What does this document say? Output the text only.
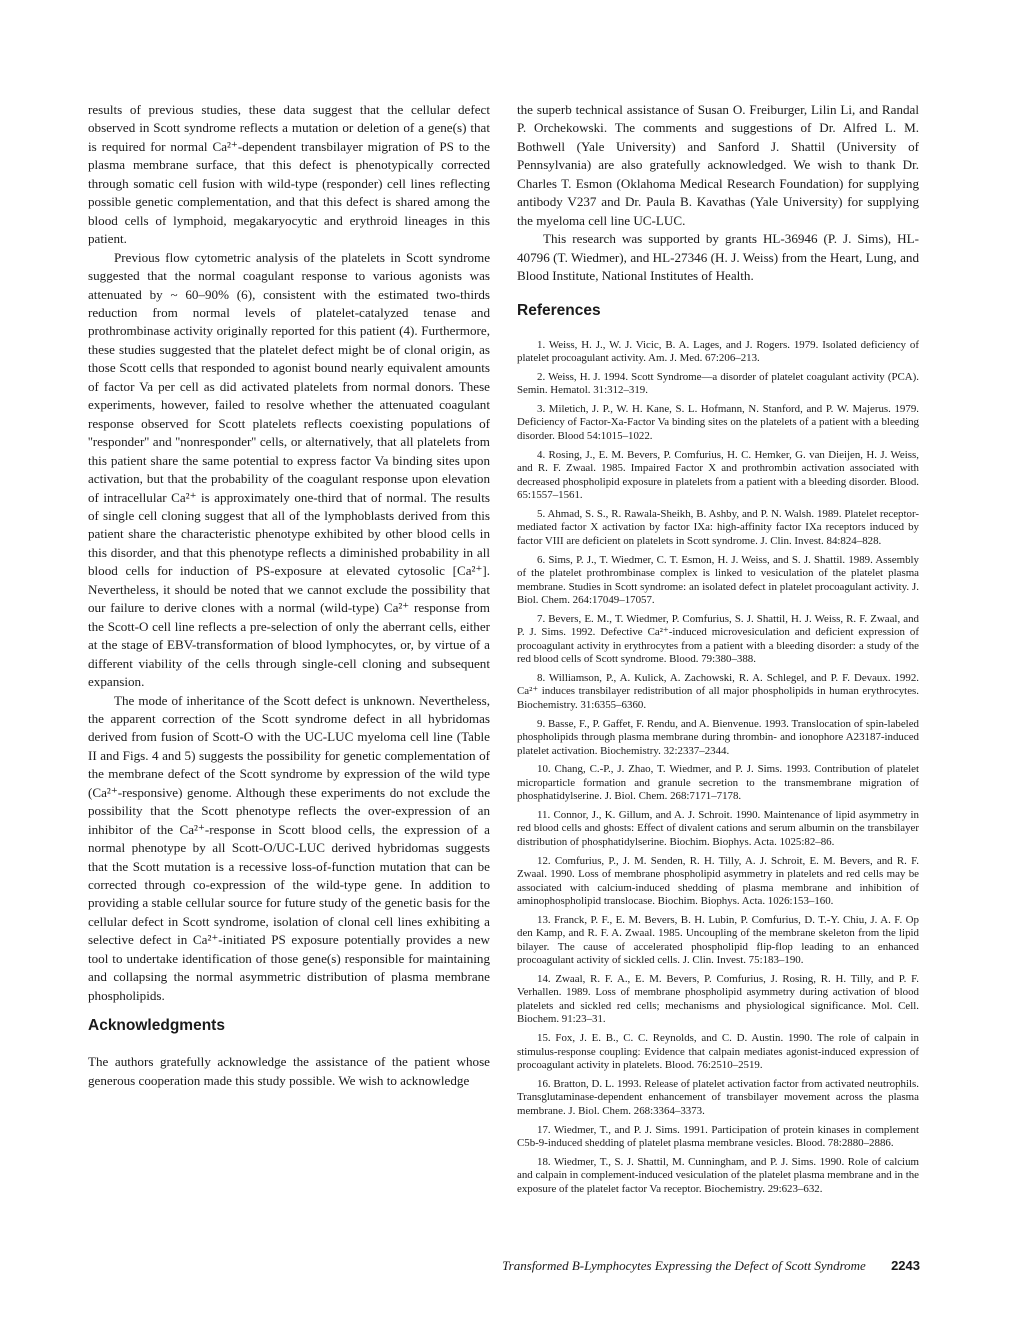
results of previous studies, these data suggest that the cellular defect observed in Scott syndrome reflects a mutation or deletion of a gene(s) that is required for normal Ca²⁺-dependent transbilayer migration of PS to the plasma membrane surface, that this defect is phenotypically corrected through somatic cell fusion with wild-type (responder) cell lines reflecting possible genetic complementation, and that this defect is shared among the blood cells of lymphoid, megakaryocytic and erythroid lineages in this patient.

Previous flow cytometric analysis of the platelets in Scott syndrome suggested that the normal coagulant response to various agonists was attenuated by ~ 60–90% (6), consistent with the estimated two-thirds reduction from normal levels of platelet-catalyzed tenase and prothrombinase activity originally reported for this patient (4). Furthermore, these studies suggested that the platelet defect might be of clonal origin, as those Scott cells that responded to agonist bound nearly equivalent amounts of factor Va per cell as did activated platelets from normal donors. These experiments, however, failed to resolve whether the attenuated coagulant response observed for Scott platelets reflects coexisting populations of ''responder'' and ''nonresponder'' cells, or alternatively, that all platelets from this patient share the same potential to express factor Va binding sites upon activation, but that the probability of the coagulant response upon elevation of intracellular Ca²⁺ is approximately one-third that of normal. The results of single cell cloning suggest that all of the lymphoblasts derived from this patient share the characteristic phenotype exhibited by other blood cells in this disorder, and that this phenotype reflects a diminished probability in all blood cells for induction of PS-exposure at elevated cytosolic [Ca²⁺]. Nevertheless, it should be noted that we cannot exclude the possibility that our failure to derive clones with a normal (wild-type) Ca²⁺ response from the Scott-O cell line reflects a pre-selection of only the aberrant cells, either at the stage of EBV-transformation of blood lymphocytes, or, by virtue of a different viability of the cells through single-cell cloning and subsequent expansion.

The mode of inheritance of the Scott defect is unknown. Nevertheless, the apparent correction of the Scott syndrome defect in all hybridomas derived from fusion of Scott-O with the UC-LUC myeloma cell line (Table II and Figs. 4 and 5) suggests the possibility for genetic complementation of the membrane defect of the Scott syndrome by expression of the wild type (Ca²⁺-responsive) genome. Although these experiments do not exclude the possibility that the Scott phenotype reflects the over-expression of an inhibitor of the Ca²⁺-response in Scott blood cells, the expression of a normal phenotype by all Scott-O/UC-LUC derived hybridomas suggests that the Scott mutation is a recessive loss-of-function mutation that can be corrected through co-expression of the wild-type gene. In addition to providing a stable cellular source for future study of the genetic basis for the cellular defect in Scott syndrome, isolation of clonal cell lines exhibiting a selective defect in Ca²⁺-initiated PS exposure potentially provides a new tool to undertake identification of those gene(s) responsible for maintaining and collapsing the normal asymmetric distribution of plasma membrane phospholipids.

Acknowledgments

The authors gratefully acknowledge the assistance of the patient whose generous cooperation made this study possible. We wish to acknowledge

the superb technical assistance of Susan O. Freiburger, Lilin Li, and Randal P. Orchekowski. The comments and suggestions of Dr. Alfred L. M. Bothwell (Yale University) and Sanford J. Shattil (University of Pennsylvania) are also gratefully acknowledged. We wish to thank Dr. Charles T. Esmon (Oklahoma Medical Research Foundation) for supplying antibody V237 and Dr. Paula B. Kavathas (Yale University) for supplying the myeloma cell line UC-LUC.

This research was supported by grants HL-36946 (P. J. Sims), HL-40796 (T. Wiedmer), and HL-27346 (H. J. Weiss) from the Heart, Lung, and Blood Institute, National Institutes of Health.

References
1. Weiss, H. J., W. J. Vicic, B. A. Lages, and J. Rogers. 1979. Isolated deficiency of platelet procoagulant activity. Am. J. Med. 67:206–213.
2. Weiss, H. J. 1994. Scott Syndrome—a disorder of platelet coagulant activity (PCA). Semin. Hematol. 31:312–319.
3. Miletich, J. P., W. H. Kane, S. L. Hofmann, N. Stanford, and P. W. Majerus. 1979. Deficiency of Factor-Xa-Factor Va binding sites on the platelets of a patient with a bleeding disorder. Blood 54:1015–1022.
4. Rosing, J., E. M. Bevers, P. Comfurius, H. C. Hemker, G. van Dieijen, H. J. Weiss, and R. F. Zwaal. 1985. Impaired Factor X and prothrombin activation associated with decreased phospholipid exposure in platelets from a patient with a bleeding disorder. Blood. 65:1557–1561.
5. Ahmad, S. S., R. Rawala-Sheikh, B. Ashby, and P. N. Walsh. 1989. Platelet receptor-mediated factor X activation by factor IXa: high-affinity factor IXa receptors induced by factor VIII are deficient on platelets in Scott syndrome. J. Clin. Invest. 84:824–828.
6. Sims, P. J., T. Wiedmer, C. T. Esmon, H. J. Weiss, and S. J. Shattil. 1989. Assembly of the platelet prothrombinase complex is linked to vesiculation of the platelet plasma membrane. Studies in Scott syndrome: an isolated defect in platelet procoagulant activity. J. Biol. Chem. 264:17049–17057.
7. Bevers, E. M., T. Wiedmer, P. Comfurius, S. J. Shattil, H. J. Weiss, R. F. Zwaal, and P. J. Sims. 1992. Defective Ca²⁺-induced microvesiculation and deficient expression of procoagulant activity in erythrocytes from a patient with a bleeding disorder: a study of the red blood cells of Scott syndrome. Blood. 79:380–388.
8. Williamson, P., A. Kulick, A. Zachowski, R. A. Schlegel, and P. F. Devaux. 1992. Ca²⁺ induces transbilayer redistribution of all major phospholipids in human erythrocytes. Biochemistry. 31:6355–6360.
9. Basse, F., P. Gaffet, F. Rendu, and A. Bienvenue. 1993. Translocation of spin-labeled phospholipids through plasma membrane during thrombin- and ionophore A23187-induced platelet activation. Biochemistry. 32:2337–2344.
10. Chang, C.-P., J. Zhao, T. Wiedmer, and P. J. Sims. 1993. Contribution of platelet microparticle formation and granule secretion to the transmembrane migration of phosphatidylserine. J. Biol. Chem. 268:7171–7178.
11. Connor, J., K. Gillum, and A. J. Schroit. 1990. Maintenance of lipid asymmetry in red blood cells and ghosts: Effect of divalent cations and serum albumin on the transbilayer distribution of phosphatidylserine. Biochim. Biophys. Acta. 1025:82–86.
12. Comfurius, P., J. M. Senden, R. H. Tilly, A. J. Schroit, E. M. Bevers, and R. F. Zwaal. 1990. Loss of membrane phospholipid asymmetry in platelets and red cells may be associated with calcium-induced shedding of plasma membrane and inhibition of aminophospholipid translocase. Biochim. Biophys. Acta. 1026:153–160.
13. Franck, P. F., E. M. Bevers, B. H. Lubin, P. Comfurius, D. T.-Y. Chiu, J. A. F. Op den Kamp, and R. F. A. Zwaal. 1985. Uncoupling of the membrane skeleton from the lipid bilayer. The cause of accelerated phospholipid flip-flop leading to an enhanced procoagulant activity of sickled cells. J. Clin. Invest. 75:183–190.
14. Zwaal, R. F. A., E. M. Bevers, P. Comfurius, J. Rosing, R. H. Tilly, and P. F. Verhallen. 1989. Loss of membrane phospholipid asymmetry during activation of blood platelets and sickled red cells; mechanisms and physiological significance. Mol. Cell. Biochem. 91:23–31.
15. Fox, J. E. B., C. C. Reynolds, and C. D. Austin. 1990. The role of calpain in stimulus-response coupling: Evidence that calpain mediates agonist-induced expression of procoagulant activity in platelets. Blood. 76:2510–2519.
16. Bratton, D. L. 1993. Release of platelet activation factor from activated neutrophils. Transglutaminase-dependent enhancement of transbilayer movement across the plasma membrane. J. Biol. Chem. 268:3364–3373.
17. Wiedmer, T., and P. J. Sims. 1991. Participation of protein kinases in complement C5b-9-induced shedding of platelet plasma membrane vesicles. Blood. 78:2880–2886.
18. Wiedmer, T., S. J. Shattil, M. Cunningham, and P. J. Sims. 1990. Role of calcium and calpain in complement-induced vesiculation of the platelet plasma membrane and in the exposure of the platelet factor Va receptor. Biochemistry. 29:623–632.
Transformed B-Lymphocytes Expressing the Defect of Scott Syndrome 2243
